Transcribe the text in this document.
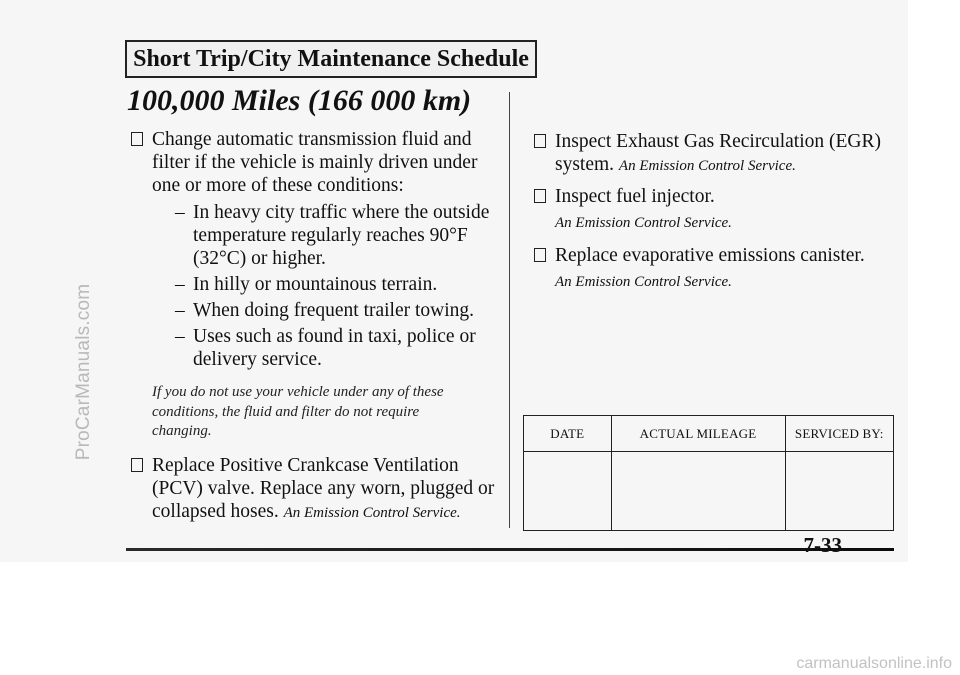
ProCarManuals.com
Short Trip/City Maintenance Schedule
100,000 Miles (166 000 km)
Change automatic transmission fluid and filter if the vehicle is mainly driven under one or more of these conditions:
– In heavy city traffic where the outside temperature regularly reaches 90°F (32°C) or higher.
– In hilly or mountainous terrain.
– When doing frequent trailer towing.
– Uses such as found in taxi, police or delivery service.
If you do not use your vehicle under any of these conditions, the fluid and filter do not require changing.
Replace Positive Crankcase Ventilation (PCV) valve. Replace any worn, plugged or collapsed hoses. An Emission Control Service.
Inspect Exhaust Gas Recirculation (EGR) system. An Emission Control Service.
Inspect fuel injector.
An Emission Control Service.
Replace evaporative emissions canister.
An Emission Control Service.
DATE	ACTUAL MILEAGE	SERVICED BY:

7-33
carmanualsonline.info
